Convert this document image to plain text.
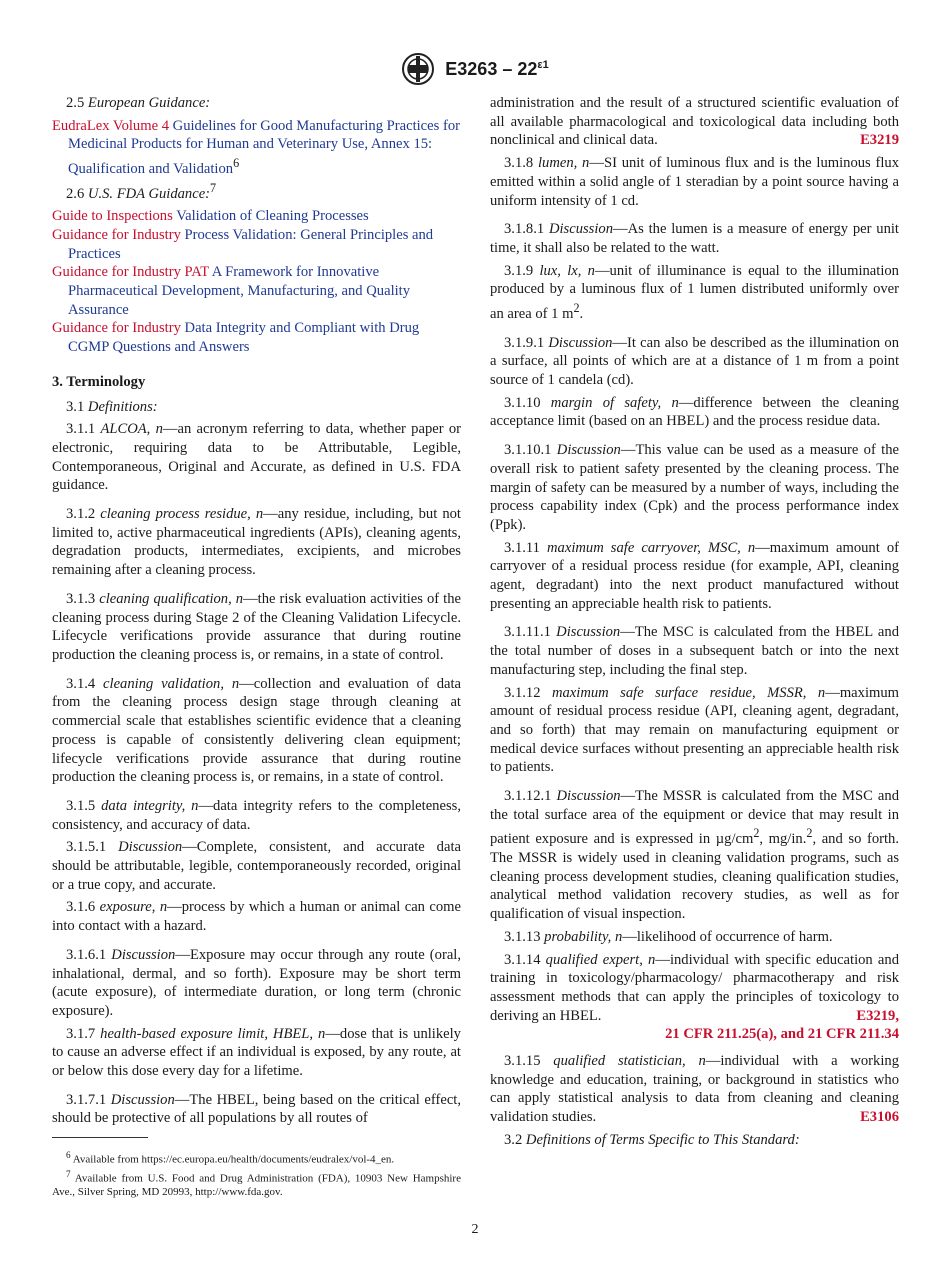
$E3263 - 22^{\varepsilon 1}$

2.5 European Guidance:

EudraLex Volume 4 Guidelines for Good Manufacturing Practices for Medicinal Products for Human and Veterinary Use, Annex 15: Qualification and Validation$^6$

2.6 U.S. FDA Guidance:$^7$

Guide to Inspections Validation of Cleaning Processes

Guidance for Industry Process Validation: General Principles and Practices

Guidance for Industry PAT A Framework for Innovative Pharmaceutical Development, Manufacturing, and Quality Assurance

Guidance for Industry Data Integrity and Compliant with Drug CGMP Questions and Answers

3. Terminology

3.1 Definitions:

3.1.1 ALCOA, n—an acronym referring to data, whether paper or electronic, requiring data to be Attributable, Legible, Contemporaneous, Original and Accurate, as defined in U.S. FDA guidance.

3.1.2 cleaning process residue, n—any residue, including, but not limited to, active pharmaceutical ingredients (APIs), cleaning agents, degradation products, intermediates, excipients, and microbes remaining after a cleaning process.

3.1.3 cleaning qualification, n—the risk evaluation activities of the cleaning process during Stage 2 of the Cleaning Validation Lifecycle. Lifecycle verifications provide assurance that during routine production the cleaning process is, or remains, in a state of control.

3.1.4 cleaning validation, n—collection and evaluation of data from the cleaning process design stage through cleaning at commercial scale that establishes scientific evidence that a cleaning process is capable of consistently delivering clean equipment; lifecycle verifications provide assurance that during routine production the cleaning process is, or remains, in a state of control.

3.1.5 data integrity, n—data integrity refers to the completeness, consistency, and accuracy of data.

3.1.5.1 Discussion—Complete, consistent, and accurate data should be attributable, legible, contemporaneously recorded, original or a true copy, and accurate.

3.1.6 exposure, n—process by which a human or animal can come into contact with a hazard.

3.1.6.1 Discussion—Exposure may occur through any route (oral, inhalational, dermal, and so forth). Exposure may be short term (acute exposure), of intermediate duration, or long term (chronic exposure).

3.1.7 health-based exposure limit, HBEL, n—dose that is unlikely to cause an adverse effect if an individual is exposed, by any route, at or below this dose every day for a lifetime.

3.1.7.1 Discussion—The HBEL, being based on the critical effect, should be protective of all populations by all routes of

administration and the result of a structured scientific evaluation of all available pharmacological and toxicological data including both nonclinical and clinical data.	E3219

3.1.8 lumen, n—SI unit of luminous flux and is the luminous flux emitted within a solid angle of 1 steradian by a point source having a uniform intensity of 1 cd.

3.1.8.1 Discussion—As the lumen is a measure of energy per unit time, it shall also be related to the watt.

3.1.9 lux, lx, n—unit of illuminance is equal to the illumination produced by a luminous flux of 1 lumen distributed uniformly over an area of 1 $m^2$.

3.1.9.1 Discussion—It can also be described as the illumination on a surface, all points of which are at a distance of 1 m from a point source of 1 candela (cd).

3.1.10 margin of safety, n—difference between the cleaning acceptance limit (based on an HBEL) and the process residue data.

3.1.10.1 Discussion—This value can be used as a measure of the overall risk to patient safety presented by the cleaning process. The margin of safety can be measured by a number of ways, including the process capability index (Cpk) and the process performance index (Ppk).

3.1.11 maximum safe carryover, MSC, n—maximum amount of carryover of a residual process residue (for example, API, cleaning agent, degradant) into the next product manufactured without presenting an appreciable health risk to patients.

3.1.11.1 Discussion—The MSC is calculated from the HBEL and the total number of doses in a subsequent batch or into the next manufacturing step, including the final step.

3.1.12 maximum safe surface residue, MSSR, n—maximum amount of residual process residue (API, cleaning agent, degradant, and so forth) that may remain on manufacturing equipment or medical device surfaces without presenting an appreciable health risk to patients.

3.1.12.1 Discussion—The MSSR is calculated from the MSC and the total surface area of the equipment or device that may result in patient exposure and is expressed in $\mu g/cm^2$, mg/in.$^2$, and so forth. The MSSR is widely used in cleaning validation programs, such as cleaning process development studies, cleaning qualification studies, analytical method validation recovery studies, as well as for qualification of visual inspection.

3.1.13 probability, n—likelihood of occurrence of harm.

3.1.14 qualified expert, n—individual with specific education and training in toxicology/pharmacology/ pharmacotherapy and risk assessment methods that can apply the principles of toxicology to deriving an HBEL.	E3219,

21 CFR 211.25(a), and 21 CFR 211.34

3.1.15 qualified statistician, n—individual with a working knowledge and education, training, or background in statistics who can apply statistical analysis to data from cleaning and cleaning validation studies.	E3106

3.2 Definitions of Terms Specific to This Standard:

$^6$ Available from https://ec.europa.eu/health/documents/eudralex/vol-4_en.

$^7$ Available from U.S. Food and Drug Administration (FDA), 10903 New Hampshire Ave., Silver Spring, MD 20993, http://www.fda.gov.

2
